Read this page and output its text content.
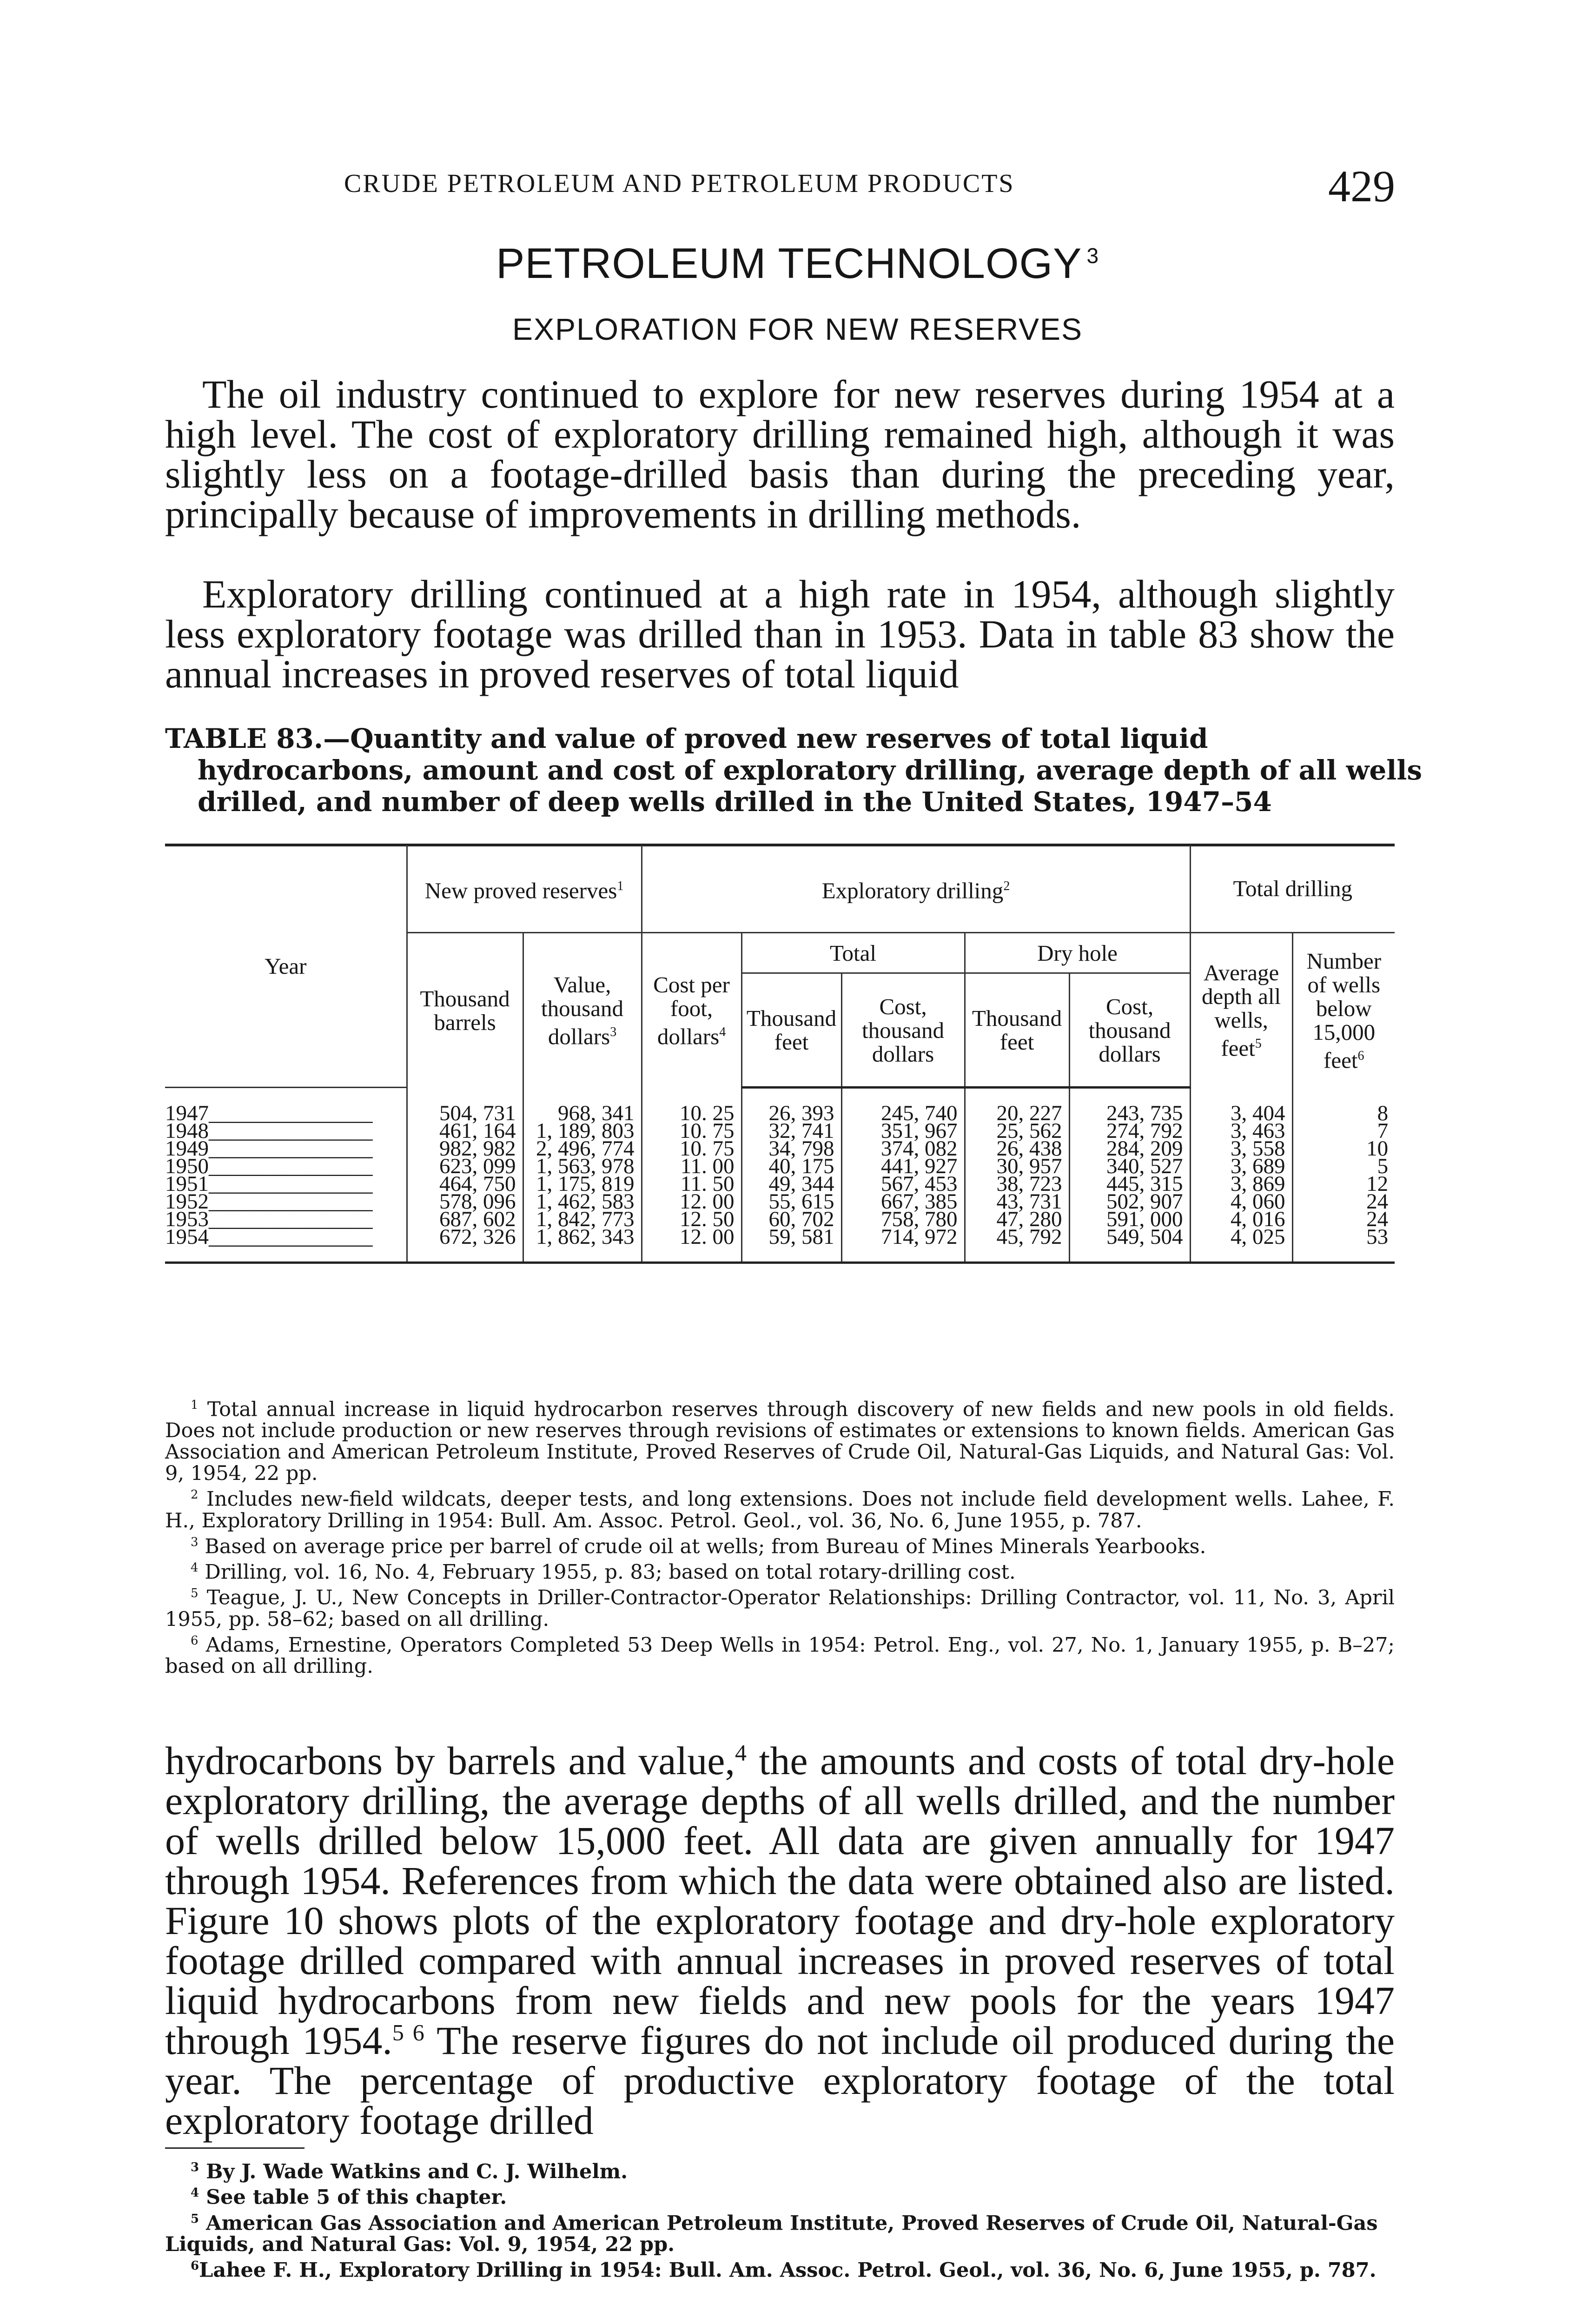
CRUDE PETROLEUM AND PETROLEUM PRODUCTS	429
PETROLEUM TECHNOLOGY $^3$
EXPLORATION FOR NEW RESERVES

The oil industry continued to explore for new reserves during 1954 at a high level. The cost of exploratory drilling remained high, although it was slightly less on a footage-drilled basis than during the preceding year, principally because of improvements in drilling methods.

Exploratory drilling continued at a high rate in 1954, although slightly less exploratory footage was drilled than in 1953. Data in table 83 show the annual increases in proved reserves of total liquid

TABLE 83.—Quantity and value of proved new reserves of total liquid hydrocarbons, amount and cost of exploratory drilling, average depth of all wells drilled, and number of deep wells drilled in the United States, 1947–54

Year	New proved reserves$^1$		Exploratory drilling$^2$					Total drilling	
	Thousand barrels	Value, thousand dollars$^3$	Cost per foot, dollars$^4$	Total		Dry hole		Average depth all wells, feet$^5$	Number of wells below 15,000 feet$^6$
				Thousand feet	Cost, thousand dollars	Thousand feet	Cost, thousand dollars		

1947_______________	504, 731	968, 341	10. 25	26, 393	245, 740	20, 227	243, 735	3, 404	8
1948_______________	461, 164	1, 189, 803	10. 75	32, 741	351, 967	25, 562	274, 792	3, 463	7
1949_______________	982, 982	2, 496, 774	10. 75	34, 798	374, 082	26, 438	284, 209	3, 558	10
1950_______________	623, 099	1, 563, 978	11. 00	40, 175	441, 927	30, 957	340, 527	3, 689	5
1951_______________	464, 750	1, 175, 819	11. 50	49, 344	567, 453	38, 723	445, 315	3, 869	12
1952_______________	578, 096	1, 462, 583	12. 00	55, 615	667, 385	43, 731	502, 907	4, 060	24
1953_______________	687, 602	1, 842, 773	12. 50	60, 702	758, 780	47, 280	591, 000	4, 016	24
1954_______________	672, 326	1, 862, 343	12. 00	59, 581	714, 972	45, 792	549, 504	4, 025	53

$^1$ Total annual increase in liquid hydrocarbon reserves through discovery of new fields and new pools in old fields. Does not include production or new reserves through revisions of estimates or extensions to known fields. American Gas Association and American Petroleum Institute, Proved Reserves of Crude Oil, Natural-Gas Liquids, and Natural Gas: Vol. 9, 1954, 22 pp.

$^2$ Includes new-field wildcats, deeper tests, and long extensions. Does not include field development wells. Lahee, F. H., Exploratory Drilling in 1954: Bull. Am. Assoc. Petrol. Geol., vol. 36, No. 6, June 1955, p. 787.

$^3$ Based on average price per barrel of crude oil at wells; from Bureau of Mines Minerals Yearbooks.

$^4$ Drilling, vol. 16, No. 4, February 1955, p. 83; based on total rotary-drilling cost.

$^5$ Teague, J. U., New Concepts in Driller-Contractor-Operator Relationships: Drilling Contractor, vol. 11, No. 3, April 1955, pp. 58–62; based on all drilling.

$^6$ Adams, Ernestine, Operators Completed 53 Deep Wells in 1954: Petrol. Eng., vol. 27, No. 1, January 1955, p. B–27; based on all drilling.

hydrocarbons by barrels and value,$^4$ the amounts and costs of total dry-hole exploratory drilling, the average depths of all wells drilled, and the number of wells drilled below 15,000 feet. All data are given annually for 1947 through 1954. References from which the data were obtained also are listed. Figure 10 shows plots of the exploratory footage and dry-hole exploratory footage drilled compared with annual increases in proved reserves of total liquid hydrocarbons from new fields and new pools for the years 1947 through 1954.$^{5 6}$ The reserve figures do not include oil produced during the year. The percentage of productive exploratory footage of the total exploratory footage drilled

$^3$ By J. Wade Watkins and C. J. Wilhelm.

$^4$ See table 5 of this chapter.

$^5$ American Gas Association and American Petroleum Institute, Proved Reserves of Crude Oil, Natural-Gas Liquids, and Natural Gas: Vol. 9, 1954, 22 pp.

$^6$Lahee F. H., Exploratory Drilling in 1954: Bull. Am. Assoc. Petrol. Geol., vol. 36, No. 6, June 1955, p. 787.
